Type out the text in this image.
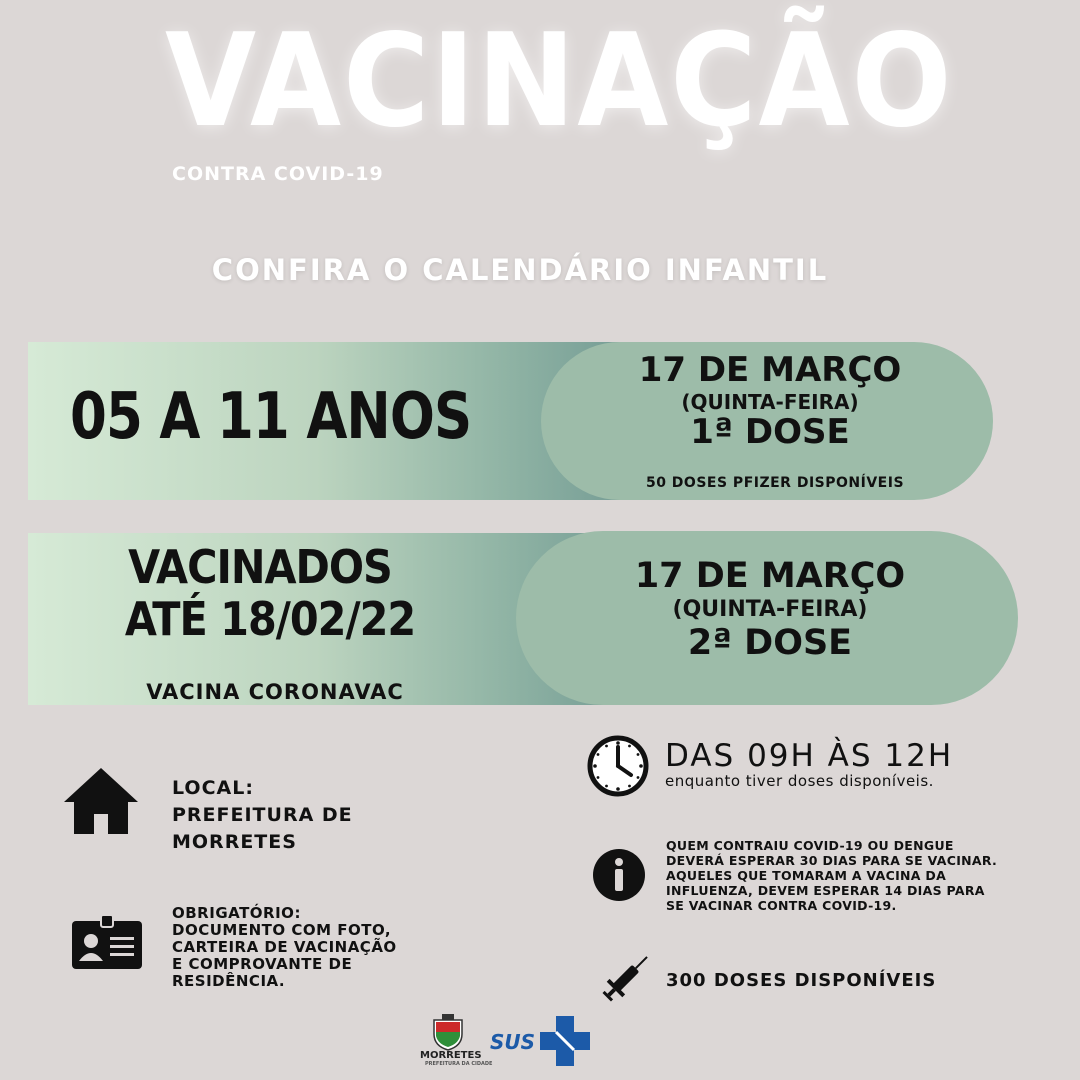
VACINAÇÃO
CONTRA COVID-19
CONFIRA O CALENDÁRIO INFANTIL
05 A 11 ANOS
17 DE MARÇO
(QUINTA-FEIRA)
1ª DOSE
50 DOSES PFIZER DISPONÍVEIS
VACINADOS
ATÉ 18/02/22
VACINA CORONAVAC
17 DE MARÇO
(QUINTA-FEIRA)
2ª DOSE
LOCAL:
PREFEITURA DE
MORRETES
OBRIGATÓRIO:
DOCUMENTO COM FOTO,
CARTEIRA DE VACINAÇÃO
E COMPROVANTE DE
RESIDÊNCIA.
DAS 09H ÀS 12H
enquanto tiver doses disponíveis.
QUEM CONTRAIU COVID-19 OU DENGUE
DEVERÁ ESPERAR 30 DIAS PARA SE VACINAR.
AQUELES QUE TOMARAM A VACINA DA
INFLUENZA, DEVEM ESPERAR 14 DIAS PARA
SE VACINAR CONTRA COVID-19.
300 DOSES DISPONÍVEIS
MORRETES
PREFEITURA DA CIDADE
SUS
